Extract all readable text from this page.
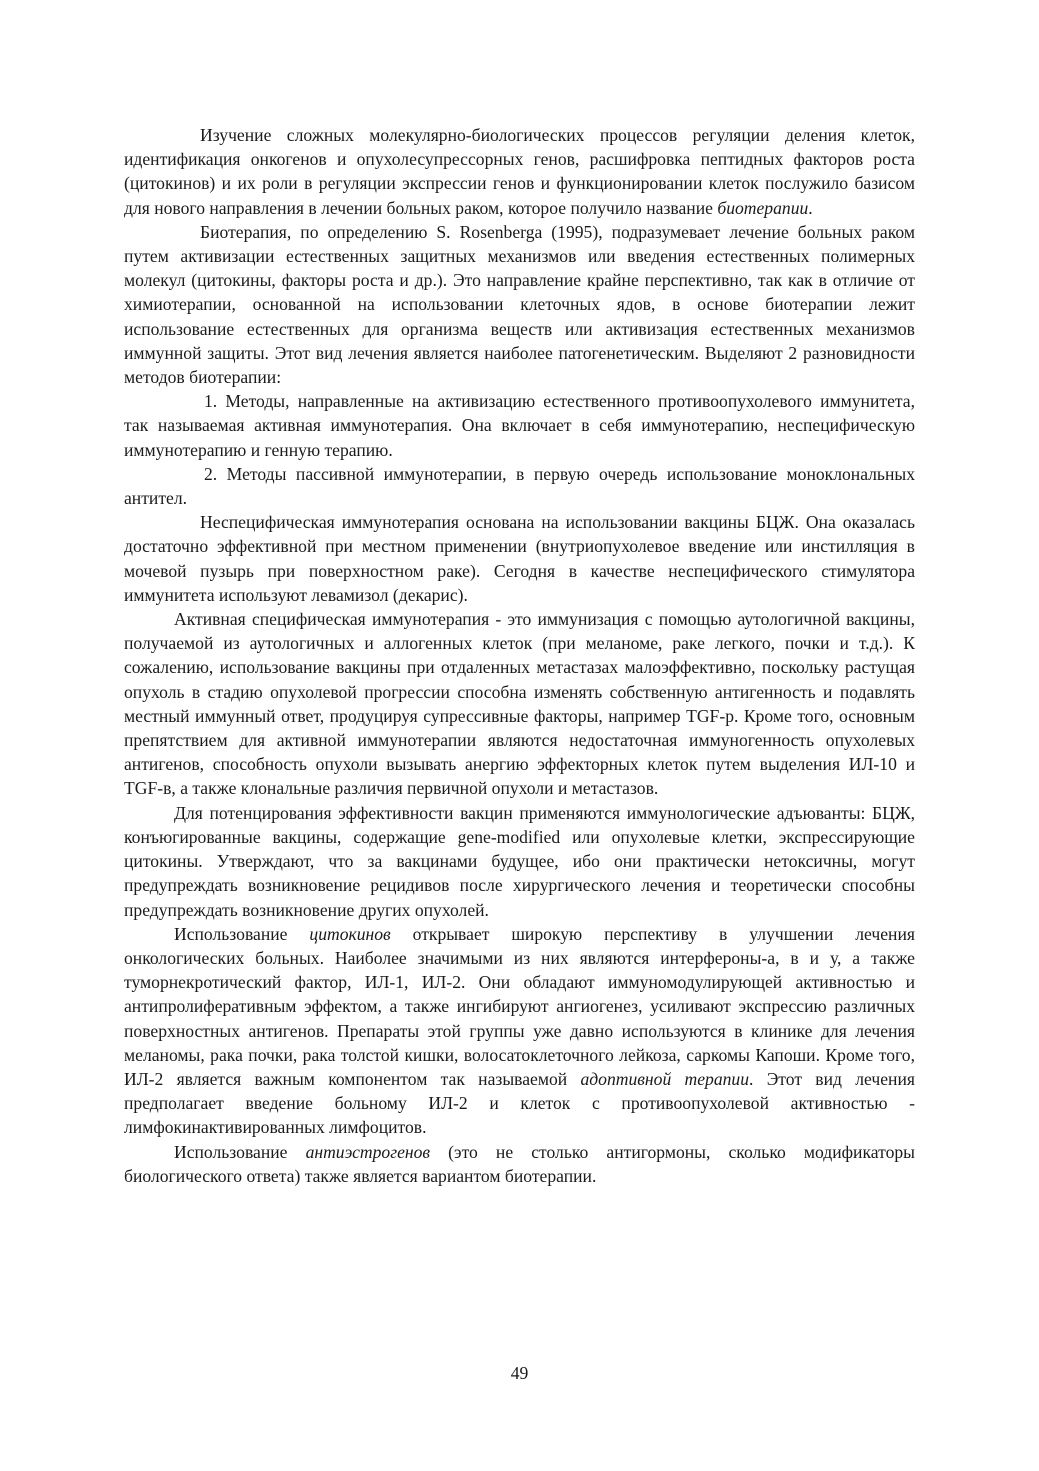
Изучение сложных молекулярно-биологических процессов регуляции деления клеток, идентификация онкогенов и опухолесупрессорных генов, расшифровка пептидных факторов роста (цитокинов) и их роли в регуляции экспрессии генов и функционировании клеток послужило базисом для нового направления в лечении больных раком, которое получило название биотерапии.

Биотерапия, по определению S. Rosenberga (1995), подразумевает лечение больных раком путем активизации естественных защитных механизмов или введения естественных полимерных молекул (цитокины, факторы роста и др.). Это направление крайне перспективно, так как в отличие от химиотерапии, основанной на использовании клеточных ядов, в основе биотерапии лежит использование естественных для организма веществ или активизация естественных механизмов иммунной защиты. Этот вид лечения является наиболее патогенетическим. Выделяют 2 разновидности методов биотерапии:

1. Методы, направленные на активизацию естественного противоопухолевого иммунитета, так называемая активная иммунотерапия. Она включает в себя иммунотерапию, неспецифическую иммунотерапию и генную терапию.

2. Методы пассивной иммунотерапии, в первую очередь использование моноклональных антител.

Неспецифическая иммунотерапия основана на использовании вакцины БЦЖ. Она оказалась достаточно эффективной при местном применении (внутриопухолевое введение или инстилляция в мочевой пузырь при поверхностном раке). Сегодня в качестве неспецифического стимулятора иммунитета используют левамизол (декарис).

Активная специфическая иммунотерапия - это иммунизация с помощью аутологичной вакцины, получаемой из аутологичных и аллогенных клеток (при меланоме, раке легкого, почки и т.д.). К сожалению, использование вакцины при отдаленных метастазах малоэффективно, поскольку растущая опухоль в стадию опухолевой прогрессии способна изменять собственную антигенность и подавлять местный иммунный ответ, продуцируя супрессивные факторы, например TGF-р. Кроме того, основным препятствием для активной иммунотерапии являются недостаточная иммуногенность опухолевых антигенов, способность опухоли вызывать анергию эффекторных клеток путем выделения ИЛ-10 и TGF-в, а также клональные различия первичной опухоли и метастазов.

Для потенцирования эффективности вакцин применяются иммунологические адъюванты: БЦЖ, конъюгированные вакцины, содержащие gene-modified или опухолевые клетки, экспрессирующие цитокины. Утверждают, что за вакцинами будущее, ибо они практически нетоксичны, могут предупреждать возникновение рецидивов после хирургического лечения и теоретически способны предупреждать возникновение других опухолей.

Использование цитокинов открывает широкую перспективу в улучшении лечения онкологических больных. Наиболее значимыми из них являются интерфероны-а, в и у, а также туморнекротический фактор, ИЛ-1, ИЛ-2. Они обладают иммуномодулирующей активностью и антипролиферативным эффектом, а также ингибируют ангиогенез, усиливают экспрессию различных поверхностных антигенов. Препараты этой группы уже давно используются в клинике для лечения меланомы, рака почки, рака толстой кишки, волосатоклеточного лейкоза, саркомы Капоши. Кроме того, ИЛ-2 является важным компонентом так называемой адоптивной терапии. Этот вид лечения предполагает введение больному ИЛ-2 и клеток с противоопухолевой активностью - лимфокинактивированных лимфоцитов.

Использование антиэстрогенов (это не столько антигормоны, сколько модификаторы биологического ответа) также является вариантом биотерапии.

49
